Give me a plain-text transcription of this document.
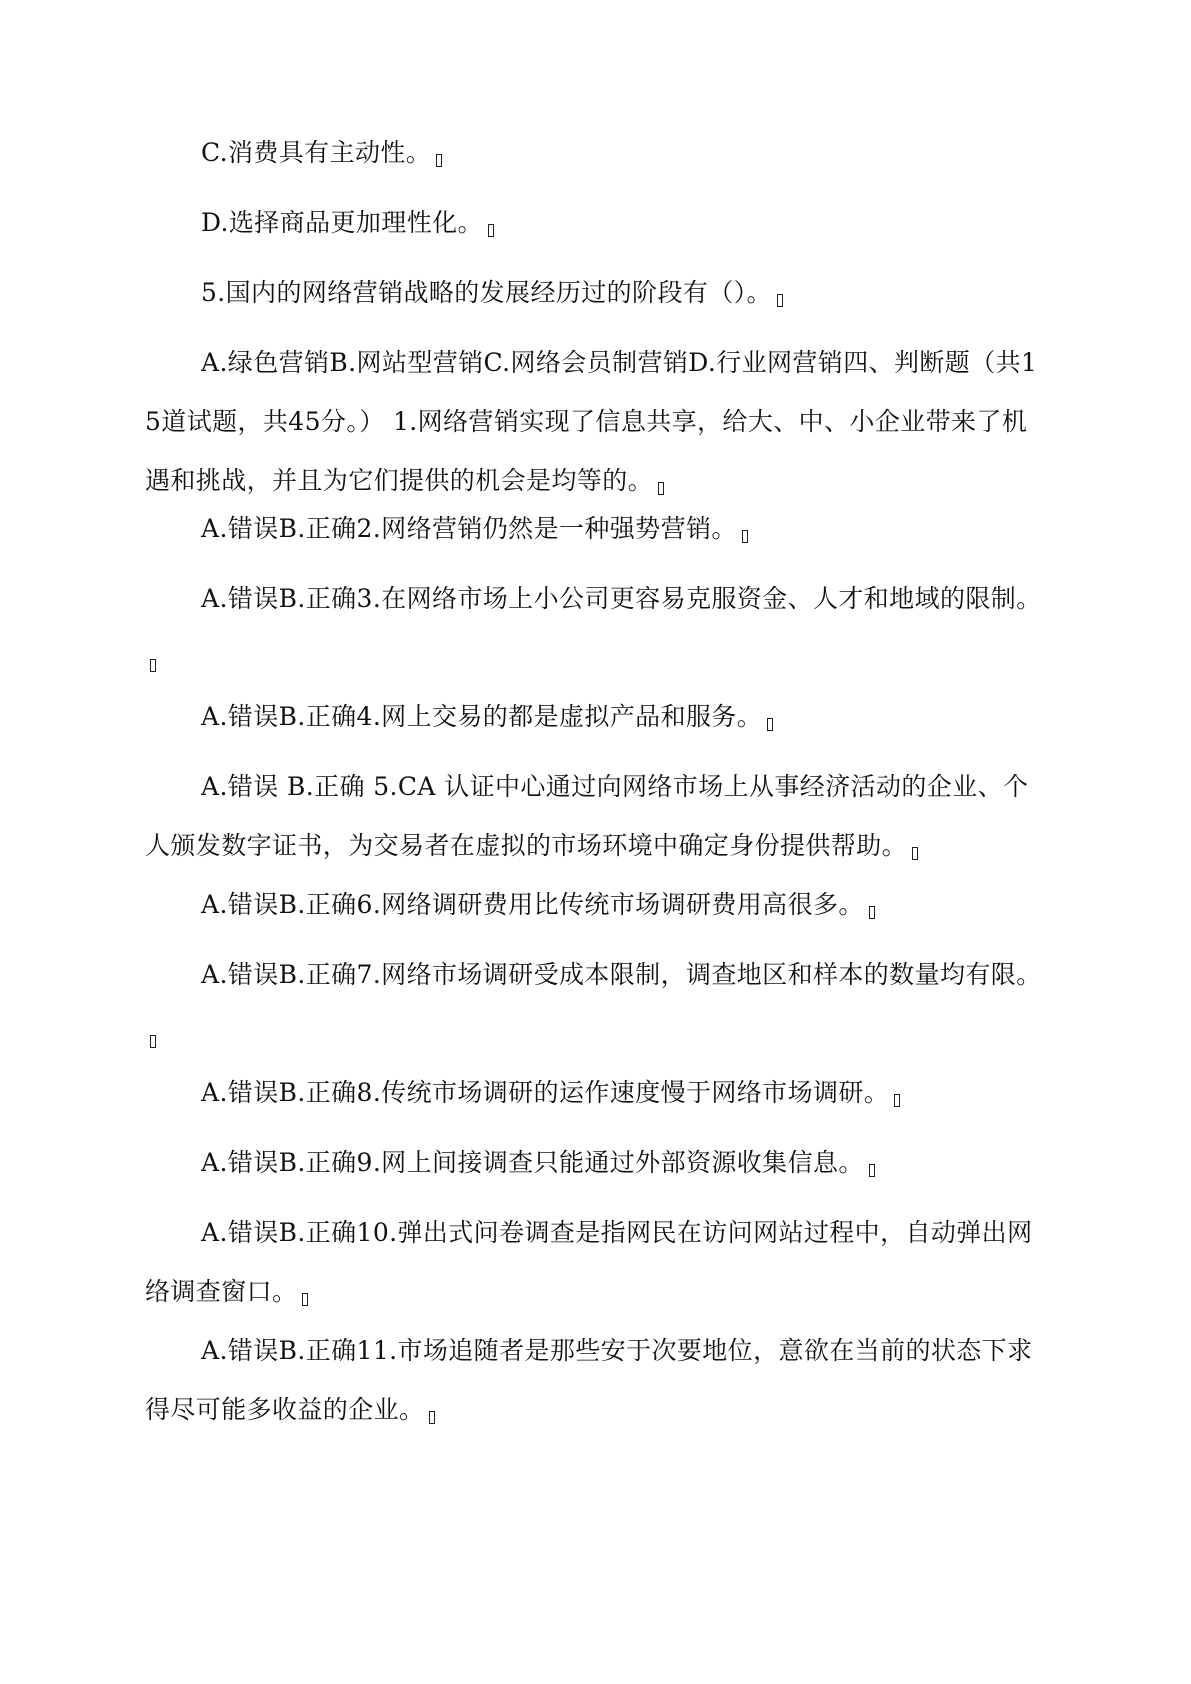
C.消费具有主动性。
D.选择商品更加理性化。
5.国内的网络营销战略的发展经历过的阶段有（）。
A.绿色营销B.网站型营销C.网络会员制营销D.行业网营销四、判断题（共15道试题，共45分。） 1.网络营销实现了信息共享，给大、中、小企业带来了机遇和挑战，并且为它们提供的机会是均等的。
A.错误B.正确2.网络营销仍然是一种强势营销。
A.错误B.正确3.在网络市场上小公司更容易克服资金、人才和地域的限制。
A.错误B.正确4.网上交易的都是虚拟产品和服务。
A.错误 B.正确 5.CA 认证中心通过向网络市场上从事经济活动的企业、个人颁发数字证书，为交易者在虚拟的市场环境中确定身份提供帮助。
A.错误B.正确6.网络调研费用比传统市场调研费用高很多。
A.错误B.正确7.网络市场调研受成本限制，调查地区和样本的数量均有限。
A.错误B.正确8.传统市场调研的运作速度慢于网络市场调研。
A.错误B.正确9.网上间接调查只能通过外部资源收集信息。
A.错误B.正确10.弹出式问卷调查是指网民在访问网站过程中，自动弹出网络调查窗口。
A.错误B.正确11.市场追随者是那些安于次要地位，意欲在当前的状态下求得尽可能多收益的企业。
